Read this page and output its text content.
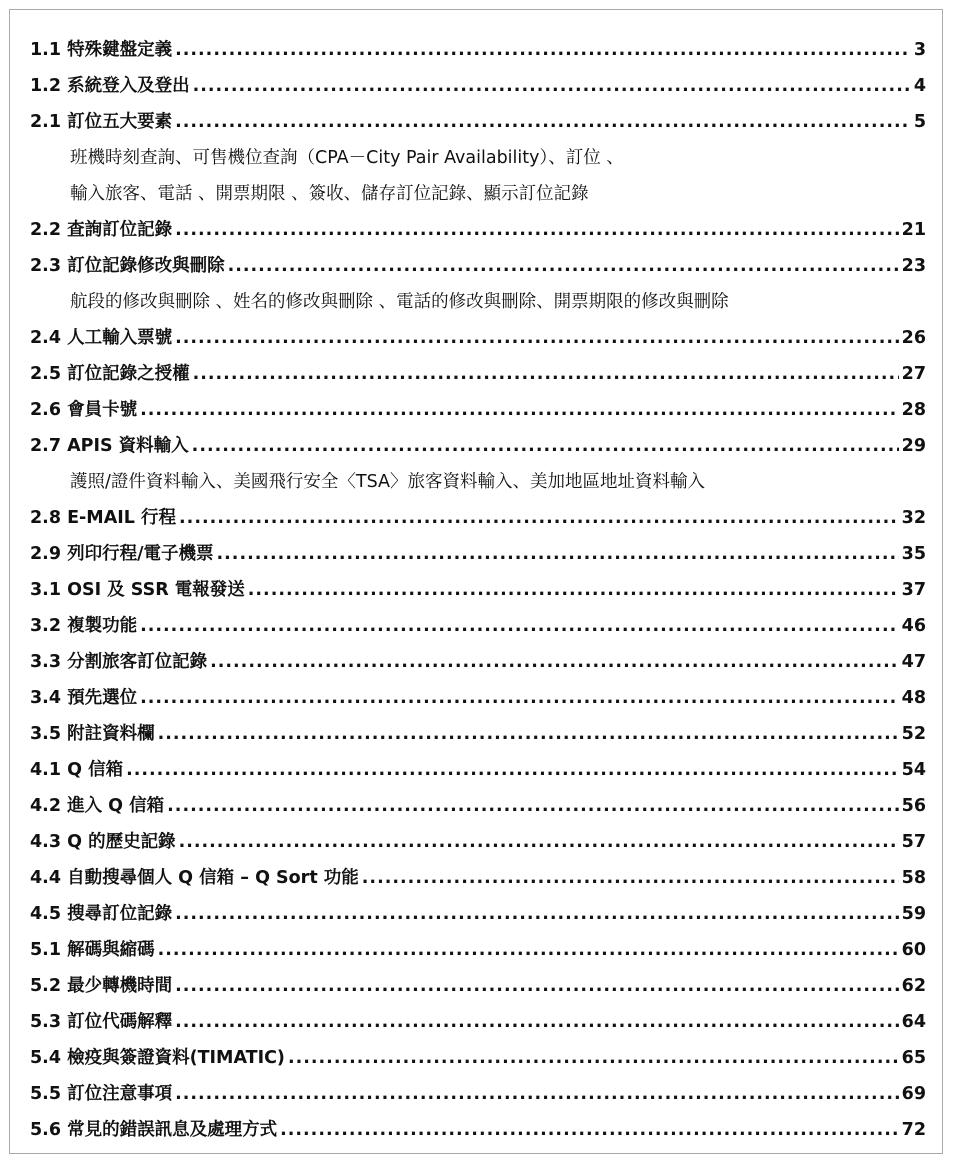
1.1 特殊鍵盤定義 .....	3
1.2 系統登入及登出 .....	4
2.1 訂位五大要素 .....	5
班機時刻查詢、可售機位查詢（CPA－City Pair Availability）、訂位 、
輸入旅客、電話 、開票期限 、簽收、儲存訂位記錄、顯示訂位記錄
2.2 查詢訂位記錄 .....	21
2.3 訂位記錄修改與刪除 .....	23
航段的修改與刪除 、姓名的修改與刪除 、電話的修改與刪除、開票期限的修改與刪除
2.4 人工輸入票號 .....	26
2.5 訂位記錄之授權 .....	27
2.6 會員卡號 .....	28
2.7 APIS 資料輸入 .....	29
護照/證件資料輸入、美國飛行安全〈TSA〉旅客資料輸入、美加地區地址資料輸入
2.8 E-MAIL 行程 .....	32
2.9 列印行程/電子機票 .....	35
3.1 OSI 及 SSR 電報發送 .....	37
3.2 複製功能 .....	46
3.3 分割旅客訂位記錄 .....	47
3.4 預先選位 .....	48
3.5 附註資料欄 .....	52
4.1 Q 信箱 .....	54
4.2 進入 Q 信箱 .....	56
4.3 Q 的歷史記錄 .....	57
4.4 自動搜尋個人 Q 信箱 – Q Sort 功能 .....	58
4.5 搜尋訂位記錄 .....	59
5.1 解碼與縮碼 .....	60
5.2 最少轉機時間 .....	62
5.3 訂位代碼解釋 .....	64
5.4 檢疫與簽證資料(TIMATIC) .....	65
5.5 訂位注意事項 .....	69
5.6 常見的錯誤訊息及處理方式 .....	72
